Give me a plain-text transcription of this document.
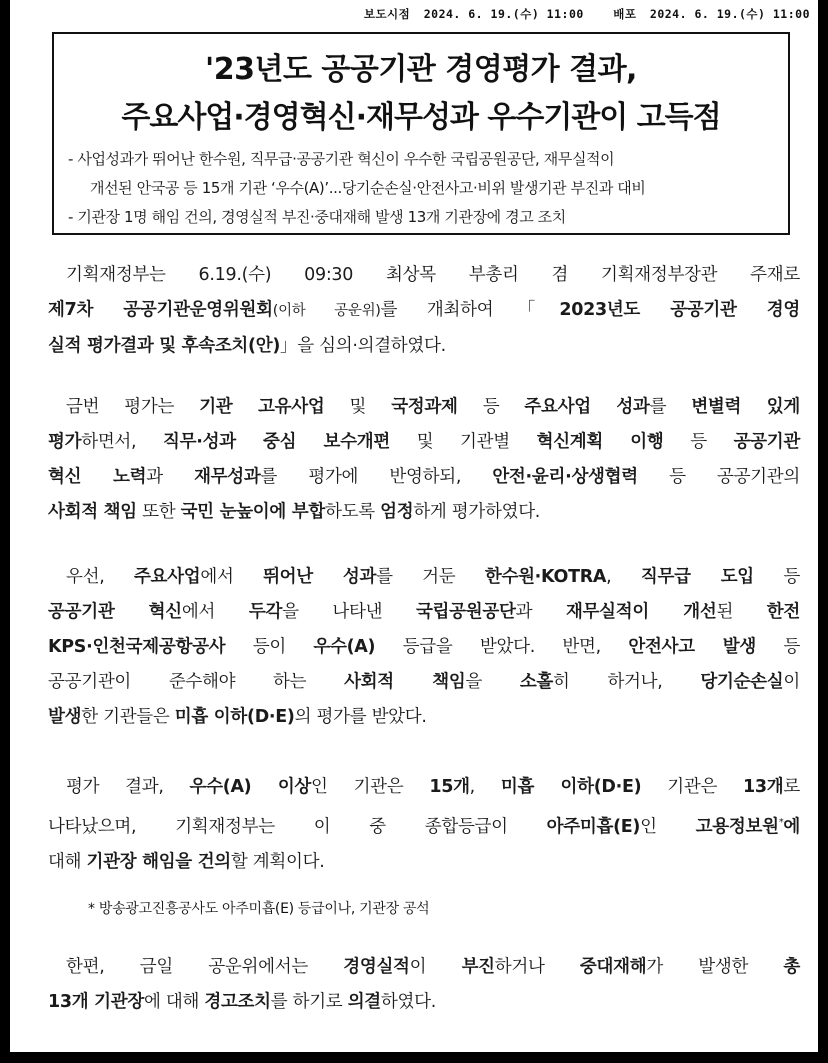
보도시점 2024. 6. 19.(수) 11:00	배포 2024. 6. 19.(수) 11:00
'23년도 공공기관 경영평가 결과,
주요사업·경영혁신·재무성과 우수기관이 고득점
- 사업성과가 뛰어난 한수원, 직무급·공공기관 혁신이 우수한 국립공원공단, 재무실적이
개선된 안국공 등 15개 기관 ‘우수(A)’...당기순손실·안전사고·비위 발생기관 부진과 대비
- 기관장 1명 해임 건의, 경영실적 부진·중대재해 발생 13개 기관장에 경고 조치
기획재정부는 6.19.(수) 09:30 최상목 부총리 겸 기획재정부장관 주재로
제7차 공공기관운영위원회(이하 공운위)를 개최하여「2023년도 공공기관 경영
실적 평가결과 및 후속조치(안)」을 심의·의결하였다.
금번 평가는 기관 고유사업 및 국정과제 등 주요사업 성과를 변별력 있게
평가하면서, 직무·성과 중심 보수개편 및 기관별 혁신계획 이행 등 공공기관
혁신 노력과 재무성과를 평가에 반영하되, 안전·윤리·상생협력 등 공공기관의
사회적 책임 또한 국민 눈높이에 부합하도록 엄정하게 평가하였다.
우선, 주요사업에서 뛰어난 성과를 거둔 한수원·KOTRA, 직무급 도입 등
공공기관 혁신에서 두각을 나타낸 국립공원공단과 재무실적이 개선된 한전
KPS·인천국제공항공사 등이 우수(A) 등급을 받았다. 반면, 안전사고 발생 등
공공기관이 준수해야 하는 사회적 책임을 소홀히 하거나, 당기순손실이
발생한 기관들은 미흡 이하(D·E)의 평가를 받았다.
평가 결과, 우수(A) 이상인 기관은 15개, 미흡 이하(D·E) 기관은 13개로
나타났으며, 기획재정부는 이 중 종합등급이 아주미흡(E)인 고용정보원*에
대해 기관장 해임을 건의할 계획이다.
* 방송광고진흥공사도 아주미흡(E) 등급이나, 기관장 공석
한편, 금일 공운위에서는 경영실적이 부진하거나 중대재해가 발생한 총
13개 기관장에 대해 경고조치를 하기로 의결하였다.
